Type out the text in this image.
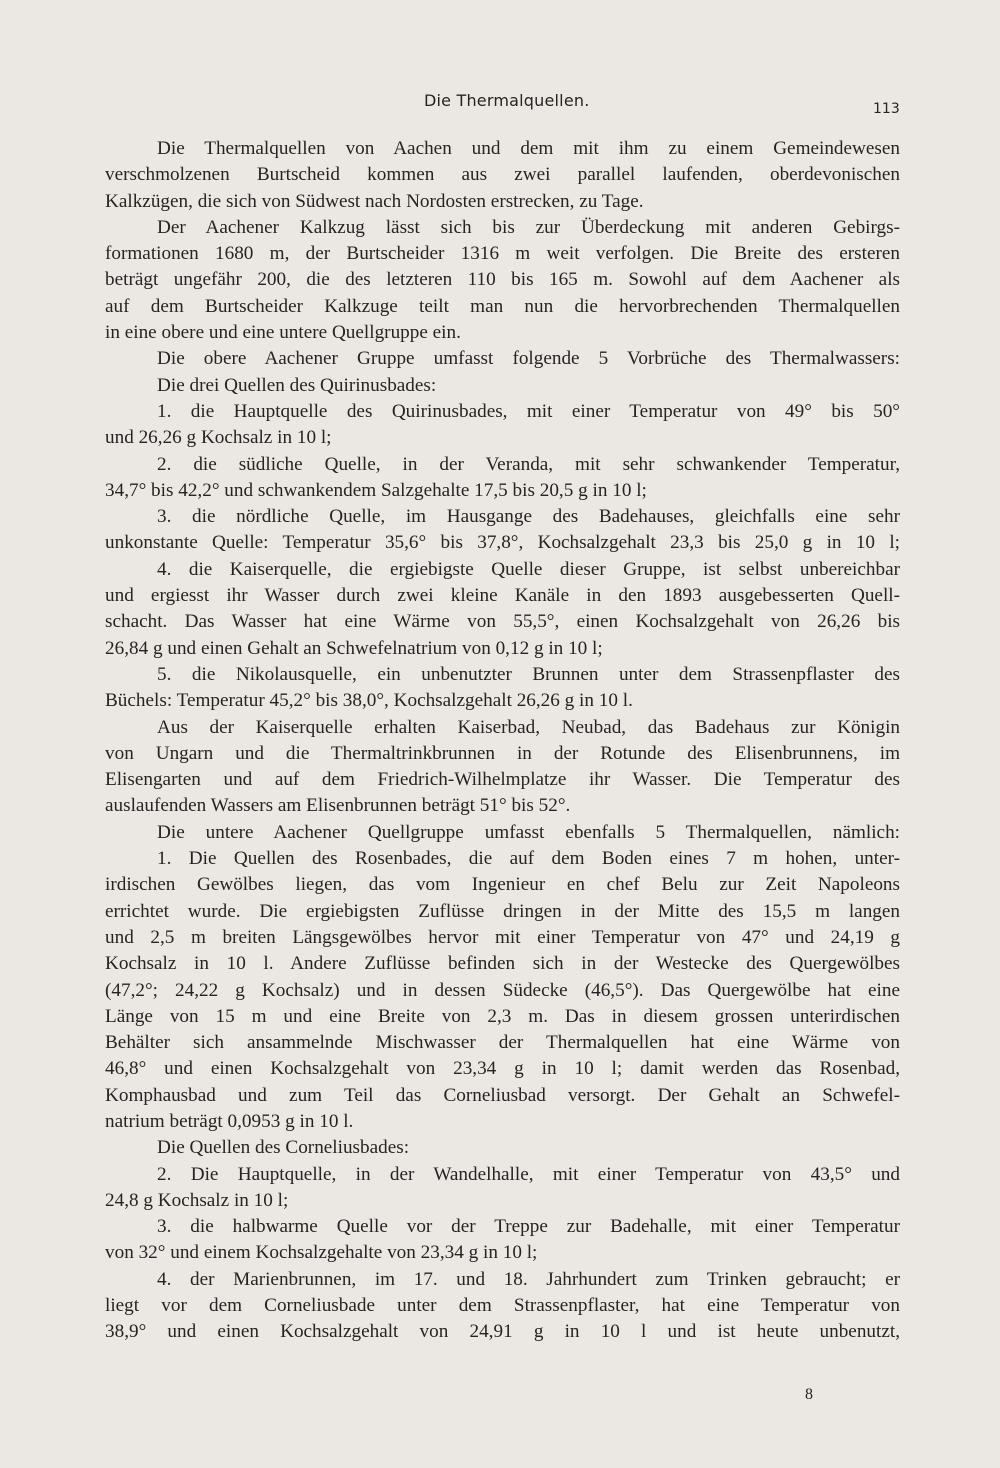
Die Thermalquellen.	113
Die Thermalquellen von Aachen und dem mit ihm zu einem Gemeindewesen
verschmolzenen Burtscheid kommen aus zwei parallel laufenden, oberdevonischen
Kalkzügen, die sich von Südwest nach Nordosten erstrecken, zu Tage.
Der Aachener Kalkzug lässt sich bis zur Überdeckung mit anderen Gebirgs-
formationen 1680 m, der Burtscheider 1316 m weit verfolgen. Die Breite des ersteren
beträgt ungefähr 200, die des letzteren 110 bis 165 m. Sowohl auf dem Aachener als
auf dem Burtscheider Kalkzuge teilt man nun die hervorbrechenden Thermalquellen
in eine obere und eine untere Quellgruppe ein.
Die obere Aachener Gruppe umfasst folgende 5 Vorbrüche des Thermalwassers:
Die drei Quellen des Quirinusbades:
1. die Hauptquelle des Quirinusbades, mit einer Temperatur von 49° bis 50°
und 26,26 g Kochsalz in 10 l;
2. die südliche Quelle, in der Veranda, mit sehr schwankender Temperatur,
34,7° bis 42,2° und schwankendem Salzgehalte 17,5 bis 20,5 g in 10 l;
3. die nördliche Quelle, im Hausgange des Badehauses, gleichfalls eine sehr
unkonstante Quelle: Temperatur 35,6° bis 37,8°, Kochsalzgehalt 23,3 bis 25,0 g in 10 l;
4. die Kaiserquelle, die ergiebigste Quelle dieser Gruppe, ist selbst unbereichbar
und ergiesst ihr Wasser durch zwei kleine Kanäle in den 1893 ausgebesserten Quell-
schacht. Das Wasser hat eine Wärme von 55,5°, einen Kochsalzgehalt von 26,26 bis
26,84 g und einen Gehalt an Schwefelnatrium von 0,12 g in 10 l;
5. die Nikolausquelle, ein unbenutzter Brunnen unter dem Strassenpflaster des
Büchels: Temperatur 45,2° bis 38,0°, Kochsalzgehalt 26,26 g in 10 l.
Aus der Kaiserquelle erhalten Kaiserbad, Neubad, das Badehaus zur Königin
von Ungarn und die Thermaltrinkbrunnen in der Rotunde des Elisenbrunnens, im
Elisengarten und auf dem Friedrich-Wilhelmplatze ihr Wasser. Die Temperatur des
auslaufenden Wassers am Elisenbrunnen beträgt 51° bis 52°.
Die untere Aachener Quellgruppe umfasst ebenfalls 5 Thermalquellen, nämlich:
1. Die Quellen des Rosenbades, die auf dem Boden eines 7 m hohen, unter-
irdischen Gewölbes liegen, das vom Ingenieur en chef Belu zur Zeit Napoleons
errichtet wurde. Die ergiebigsten Zuflüsse dringen in der Mitte des 15,5 m langen
und 2,5 m breiten Längsgewölbes hervor mit einer Temperatur von 47° und 24,19 g
Kochsalz in 10 l. Andere Zuflüsse befinden sich in der Westecke des Quergewölbes
(47,2°; 24,22 g Kochsalz) und in dessen Südecke (46,5°). Das Quergewölbe hat eine
Länge von 15 m und eine Breite von 2,3 m. Das in diesem grossen unterirdischen
Behälter sich ansammelnde Mischwasser der Thermalquellen hat eine Wärme von
46,8° und einen Kochsalzgehalt von 23,34 g in 10 l; damit werden das Rosenbad,
Komphausbad und zum Teil das Corneliusbad versorgt. Der Gehalt an Schwefel-
natrium beträgt 0,0953 g in 10 l.
Die Quellen des Corneliusbades:
2. Die Hauptquelle, in der Wandelhalle, mit einer Temperatur von 43,5° und
24,8 g Kochsalz in 10 l;
3. die halbwarme Quelle vor der Treppe zur Badehalle, mit einer Temperatur
von 32° und einem Kochsalzgehalte von 23,34 g in 10 l;
4. der Marienbrunnen, im 17. und 18. Jahrhundert zum Trinken gebraucht; er
liegt vor dem Corneliusbade unter dem Strassenpflaster, hat eine Temperatur von
38,9° und einen Kochsalzgehalt von 24,91 g in 10 l und ist heute unbenutzt,
8
